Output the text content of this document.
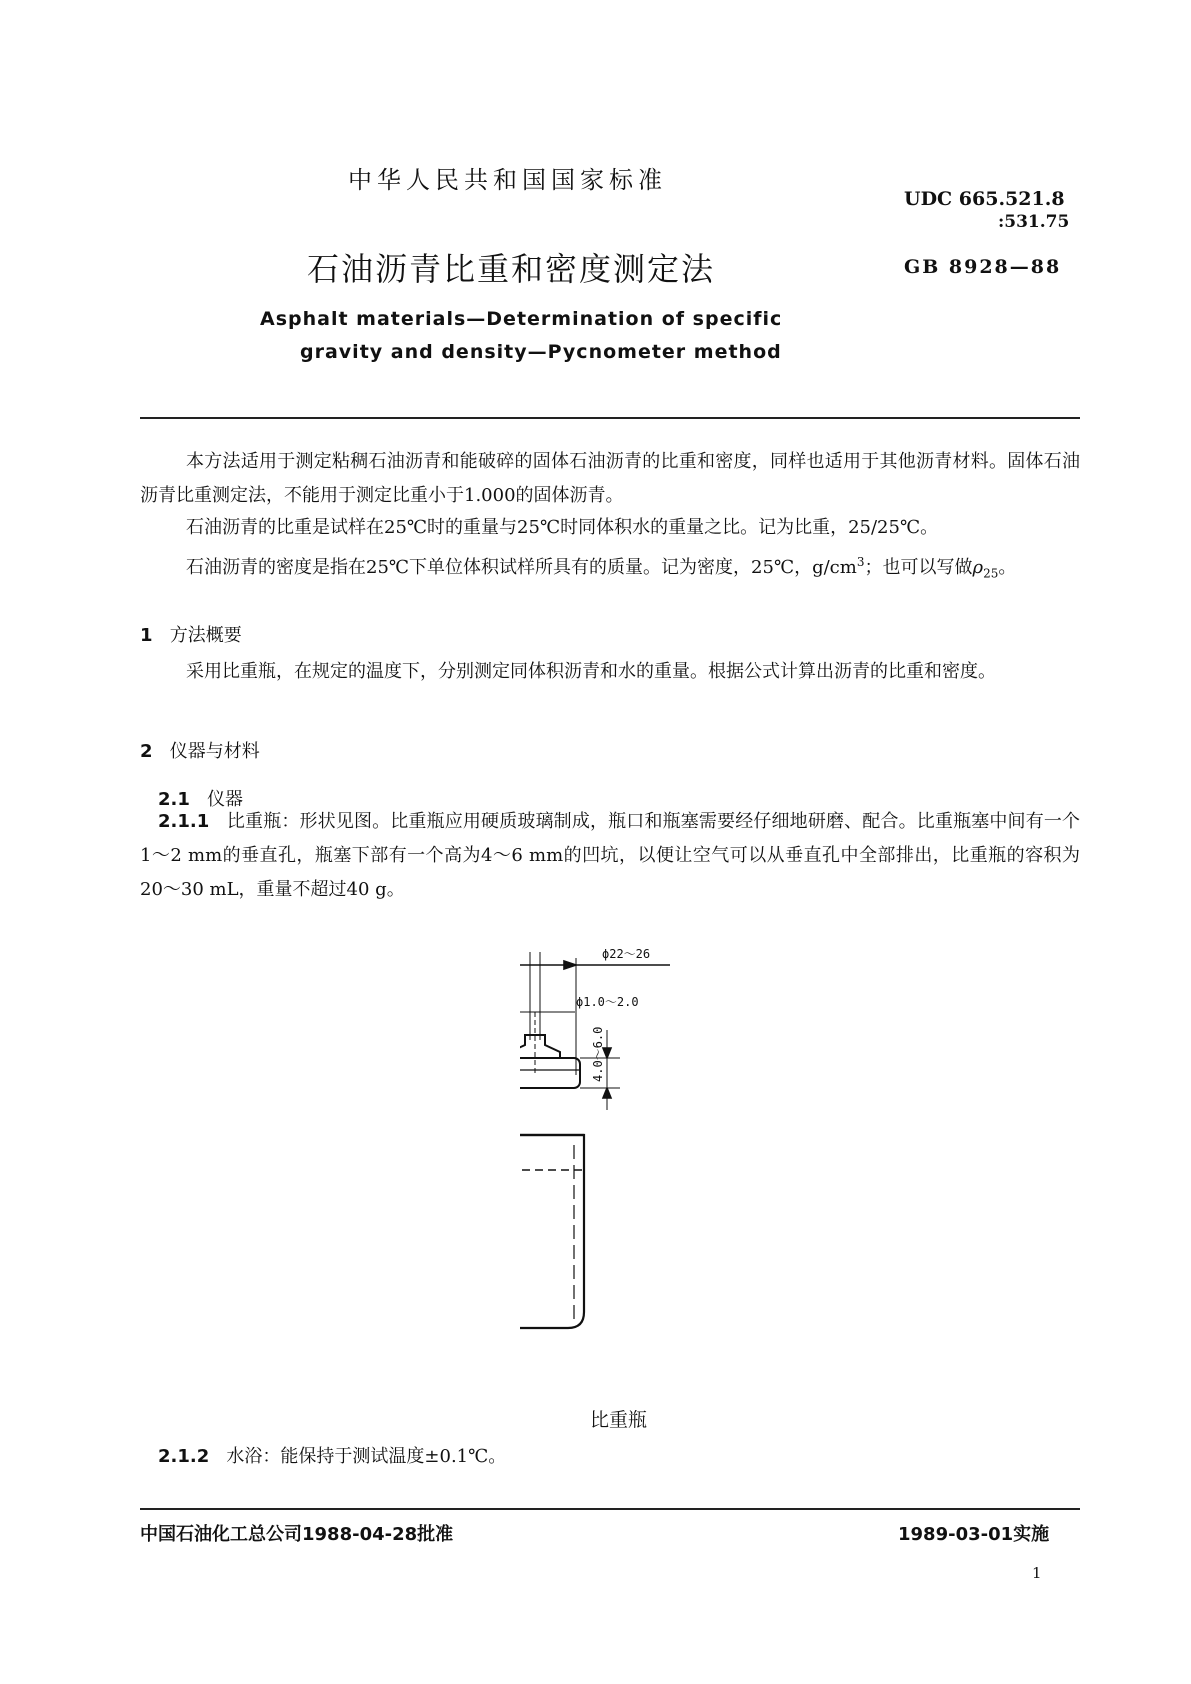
中华人民共和国国家标准
UDC 665.521.8
:531.75
石油沥青比重和密度测定法	GB 8928—88
Asphalt materials—Determination of specific
gravity and density—Pycnometer method
本方法适用于测定粘稠石油沥青和能破碎的固体石油沥青的比重和密度，同样也适用于其他沥青材料。固体石油沥青比重测定法，不能用于测定比重小于1.000的固体沥青。
石油沥青的比重是试样在25℃时的重量与25℃时同体积水的重量之比。记为比重，25/25℃。
石油沥青的密度是指在25℃下单位体积试样所具有的质量。记为密度，25℃，$g/cm^3$；也可以写做$\rho_{25}$。
1 方法概要
采用比重瓶，在规定的温度下，分别测定同体积沥青和水的重量。根据公式计算出沥青的比重和密度。
2 仪器与材料
2.1 仪器
2.1.1 比重瓶：形状见图。比重瓶应用硬质玻璃制成，瓶口和瓶塞需要经仔细地研磨、配合。比重瓶塞中间有一个1～2 mm的垂直孔，瓶塞下部有一个高为4～6 mm的凹坑，以便让空气可以从垂直孔中全部排出，比重瓶的容积为20～30 mL，重量不超过40 g。
ϕ22～26
ϕ1.0～2.0
4.0～6.0
比重瓶
2.1.2 水浴：能保持于测试温度±0.1℃。
中国石油化工总公司1988-04-28批准	1989-03-01实施
1
